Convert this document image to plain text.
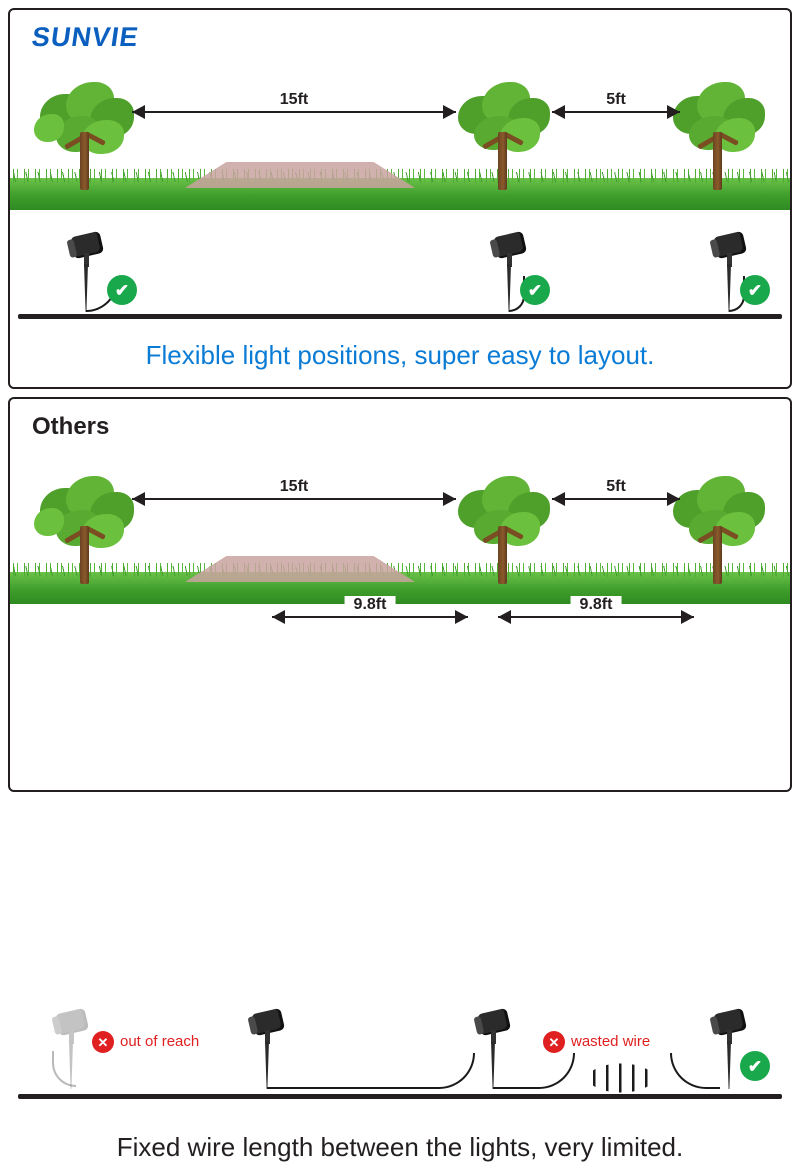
SUNVIE
15ft	5ft
✔	✔	✔
Flexible light positions, super easy to layout.
Others
15ft	5ft
9.8ft	9.8ft
✕ out of reach	✕ wasted wire
✔
Fixed wire length between the lights, very limited.
